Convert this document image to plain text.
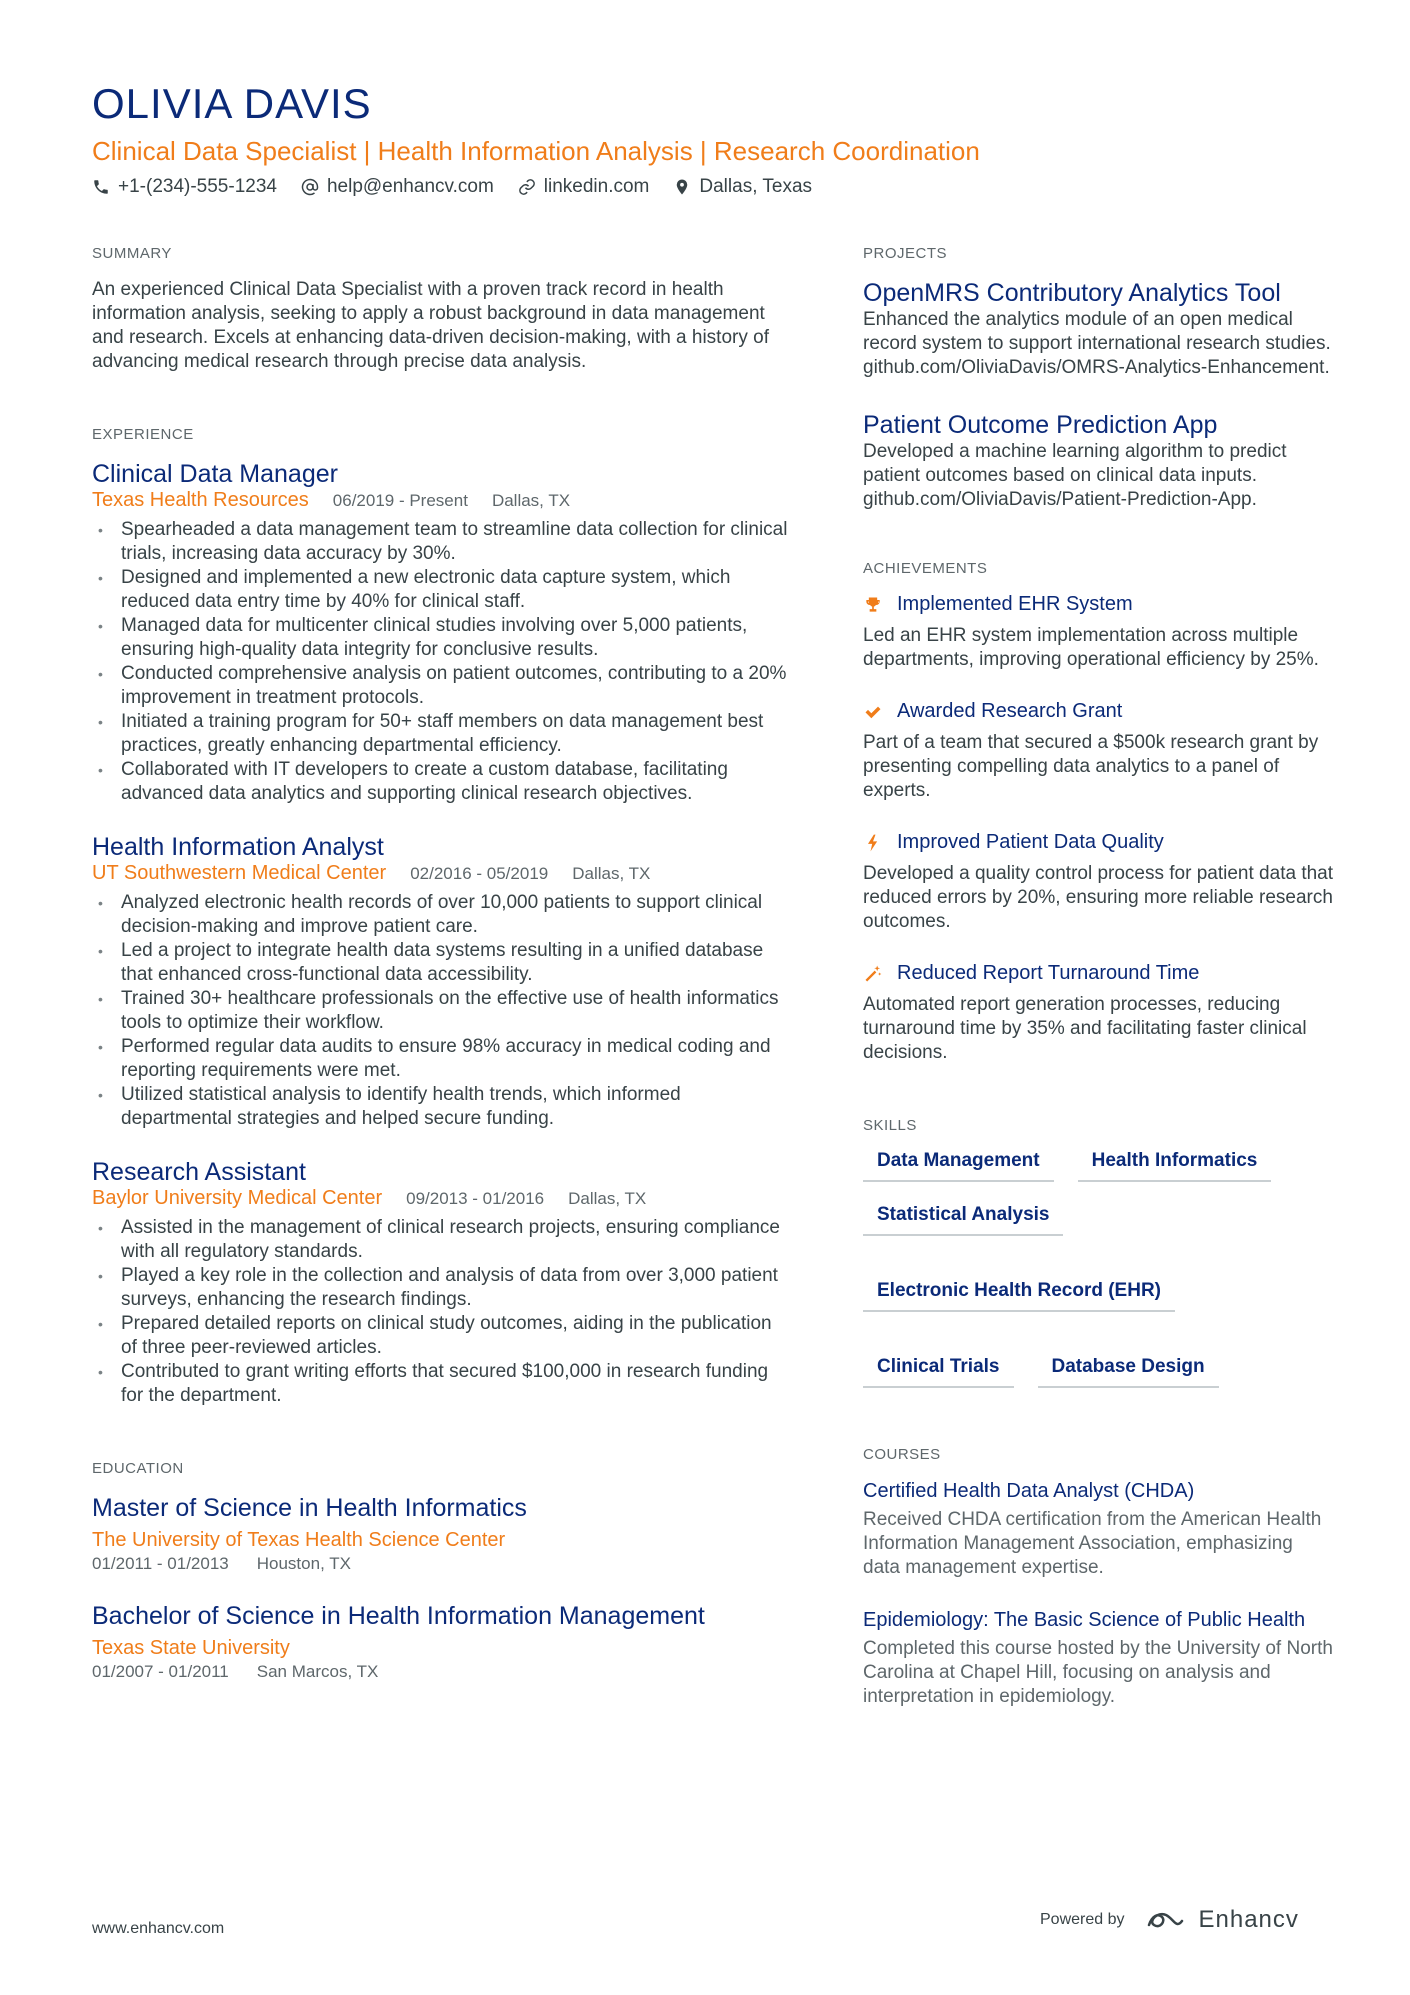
OLIVIA DAVIS
Clinical Data Specialist | Health Information Analysis | Research Coordination
+1-(234)-555-1234	help@enhancv.com	linkedin.com	Dallas, Texas
SUMMARY
An experienced Clinical Data Specialist with a proven track record in health information analysis, seeking to apply a robust background in data management and research. Excels at enhancing data-driven decision-making, with a history of advancing medical research through precise data analysis.
EXPERIENCE
Clinical Data Manager
Texas Health Resources 06/2019 - Present Dallas, TX
• Spearheaded a data management team to streamline data collection for clinical trials, increasing data accuracy by 30%.
• Designed and implemented a new electronic data capture system, which reduced data entry time by 40% for clinical staff.
• Managed data for multicenter clinical studies involving over 5,000 patients, ensuring high-quality data integrity for conclusive results.
• Conducted comprehensive analysis on patient outcomes, contributing to a 20% improvement in treatment protocols.
• Initiated a training program for 50+ staff members on data management best practices, greatly enhancing departmental efficiency.
• Collaborated with IT developers to create a custom database, facilitating advanced data analytics and supporting clinical research objectives.
Health Information Analyst
UT Southwestern Medical Center 02/2016 - 05/2019 Dallas, TX
• Analyzed electronic health records of over 10,000 patients to support clinical decision-making and improve patient care.
• Led a project to integrate health data systems resulting in a unified database that enhanced cross-functional data accessibility.
• Trained 30+ healthcare professionals on the effective use of health informatics tools to optimize their workflow.
• Performed regular data audits to ensure 98% accuracy in medical coding and reporting requirements were met.
• Utilized statistical analysis to identify health trends, which informed departmental strategies and helped secure funding.
Research Assistant
Baylor University Medical Center 09/2013 - 01/2016 Dallas, TX
• Assisted in the management of clinical research projects, ensuring compliance with all regulatory standards.
• Played a key role in the collection and analysis of data from over 3,000 patient surveys, enhancing the research findings.
• Prepared detailed reports on clinical study outcomes, aiding in the publication of three peer-reviewed articles.
• Contributed to grant writing efforts that secured $100,000 in research funding for the department.
EDUCATION
Master of Science in Health Informatics
The University of Texas Health Science Center
01/2011 - 01/2013 Houston, TX
Bachelor of Science in Health Information Management
Texas State University
01/2007 - 01/2011 San Marcos, TX
PROJECTS
OpenMRS Contributory Analytics Tool
Enhanced the analytics module of an open medical record system to support international research studies. github.com/OliviaDavis/OMRS-Analytics-Enhancement.
Patient Outcome Prediction App
Developed a machine learning algorithm to predict patient outcomes based on clinical data inputs. github.com/OliviaDavis/Patient-Prediction-App.
ACHIEVEMENTS
Implemented EHR System
Led an EHR system implementation across multiple departments, improving operational efficiency by 25%.
Awarded Research Grant
Part of a team that secured a $500k research grant by presenting compelling data analytics to a panel of experts.
Improved Patient Data Quality
Developed a quality control process for patient data that reduced errors by 20%, ensuring more reliable research outcomes.
Reduced Report Turnaround Time
Automated report generation processes, reducing turnaround time by 35% and facilitating faster clinical decisions.
SKILLS
Data Management	Health Informatics
Statistical Analysis
Electronic Health Record (EHR)
Clinical Trials	Database Design
COURSES
Certified Health Data Analyst (CHDA)
Received CHDA certification from the American Health Information Management Association, emphasizing data management expertise.
Epidemiology: The Basic Science of Public Health
Completed this course hosted by the University of North Carolina at Chapel Hill, focusing on analysis and interpretation in epidemiology.
www.enhancv.com
Powered by	Enhancv
